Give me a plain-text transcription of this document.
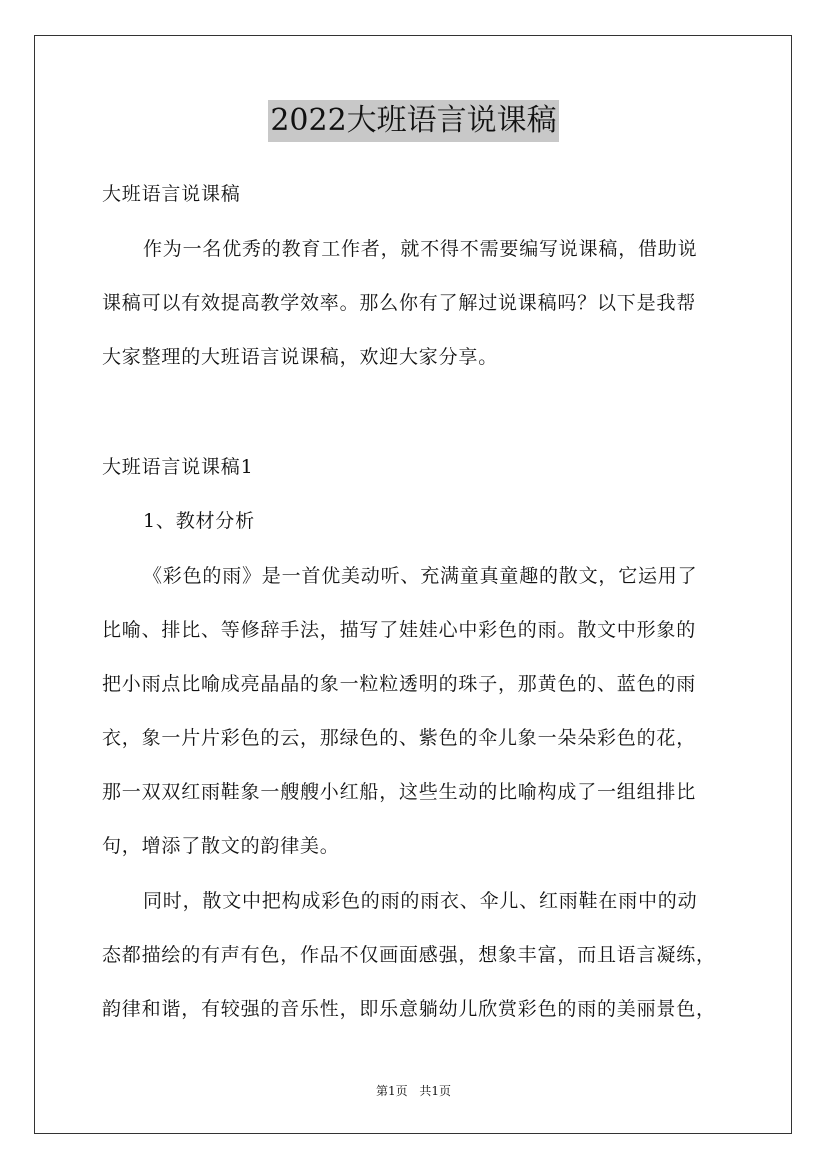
2022大班语言说课稿
大班语言说课稿
作为一名优秀的教育工作者，就不得不需要编写说课稿，借助说
课稿可以有效提高教学效率。那么你有了解过说课稿吗？以下是我帮
大家整理的大班语言说课稿，欢迎大家分享。
大班语言说课稿1
1、教材分析
《彩色的雨》是一首优美动听、充满童真童趣的散文，它运用了
比喻、排比、等修辞手法，描写了娃娃心中彩色的雨。散文中形象的
把小雨点比喻成亮晶晶的象一粒粒透明的珠子，那黄色的、蓝色的雨
衣，象一片片彩色的云，那绿色的、紫色的伞儿象一朵朵彩色的花，
那一双双红雨鞋象一艘艘小红船，这些生动的比喻构成了一组组排比
句，增添了散文的韵律美。
同时，散文中把构成彩色的雨的雨衣、伞儿、红雨鞋在雨中的动
态都描绘的有声有色，作品不仅画面感强，想象丰富，而且语言凝练，
韵律和谐，有较强的音乐性，即乐意躺幼儿欣赏彩色的雨的美丽景色，
第1页 共1页
